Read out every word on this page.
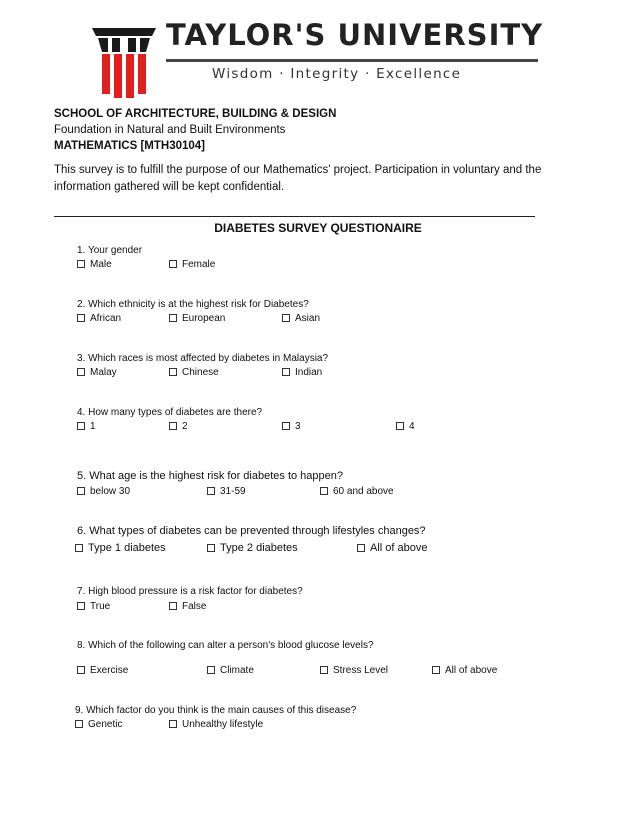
TAYLOR'S UNIVERSITY
Wisdom · Integrity · Excellence
SCHOOL OF ARCHITECTURE, BUILDING & DESIGN
Foundation in Natural and Built Environments
MATHEMATICS [MTH30104]
This survey is to fulfill the purpose of our Mathematics' project. Participation in voluntary and the
information gathered will be kept confidential.
DIABETES SURVEY QUESTIONAIRE
1. Your gender
Male	Female
2. Which ethnicity is at the highest risk for Diabetes?
African	European	Asian
3. Which races is most affected by diabetes in Malaysia?
Malay	Chinese	Indian
4. How many types of diabetes are there?
1	2	3	4
5. What age is the highest risk for diabetes to happen?
below 30	31-59	60 and above
6. What types of diabetes can be prevented through lifestyles changes?
Type 1 diabetes	Type 2 diabetes	All of above
7. High blood pressure is a risk factor for diabetes?
True	False
8. Which of the following can alter a person's blood glucose levels?
Exercise	Climate	Stress Level	All of above
9. Which factor do you think is the main causes of this disease?
Genetic	Unhealthy lifestyle
